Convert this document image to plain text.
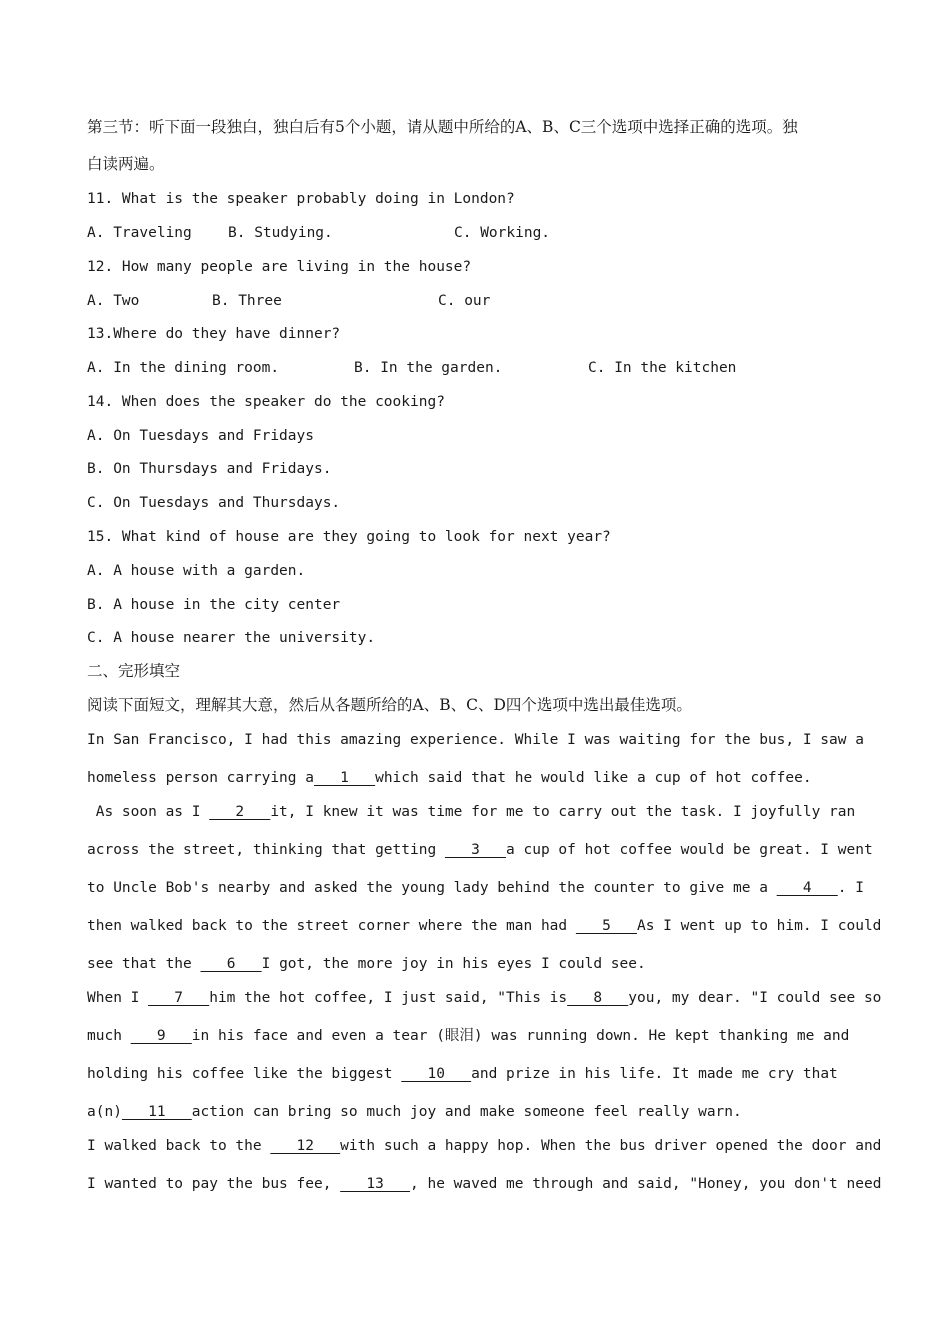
第三节：听下面一段独白，独白后有5个小题，请从题中所给的A、B、C三个选项中选择正确的选项。独
白读两遍。
11. What is the speaker probably doing in London?
A. Traveling B. Studying.	C. Working.
12. How many people are living in the house?
A. Two	B. Three	C. our
13.Where do they have dinner?
A. In the dining room.	B. In the garden.	C. In the kitchen
14. When does the speaker do the cooking?
A. On Tuesdays and Fridays
B. On Thursdays and Fridays.
C. On Tuesdays and Thursdays.
15. What kind of house are they going to look for next year?
A. A house with a garden.
B. A house in the city center
C. A house nearer the university.
二、完形填空
阅读下面短文，理解其大意，然后从各题所给的A、B、C、D四个选项中选出最佳选项。
In San Francisco, I had this amazing experience. While I was waiting for the bus, I saw a
homeless person carrying a   1   which said that he would like a cup of hot coffee.
As soon as I    2   it, I knew it was time for me to carry out the task. I joyfully ran
across the street, thinking that getting    3   a cup of hot coffee would be great. I went
to Uncle Bob's nearby and asked the young lady behind the counter to give me a    4   . I
then walked back to the street corner where the man had    5   As I went up to him. I could
see that the    6   I got, the more joy in his eyes I could see.
When I    7   him the hot coffee, I just said, "This is   8   you, my dear. "I could see so
much    9   in his face and even a tear (眼泪) was running down. He kept thanking me and
holding his coffee like the biggest    10   and prize in his life. It made me cry that
a(n)   11   action can bring so much joy and make someone feel really warn.
I walked back to the    12   with such a happy hop. When the bus driver opened the door and
I wanted to pay the bus fee,    13   , he waved me through and said, "Honey, you don't need
